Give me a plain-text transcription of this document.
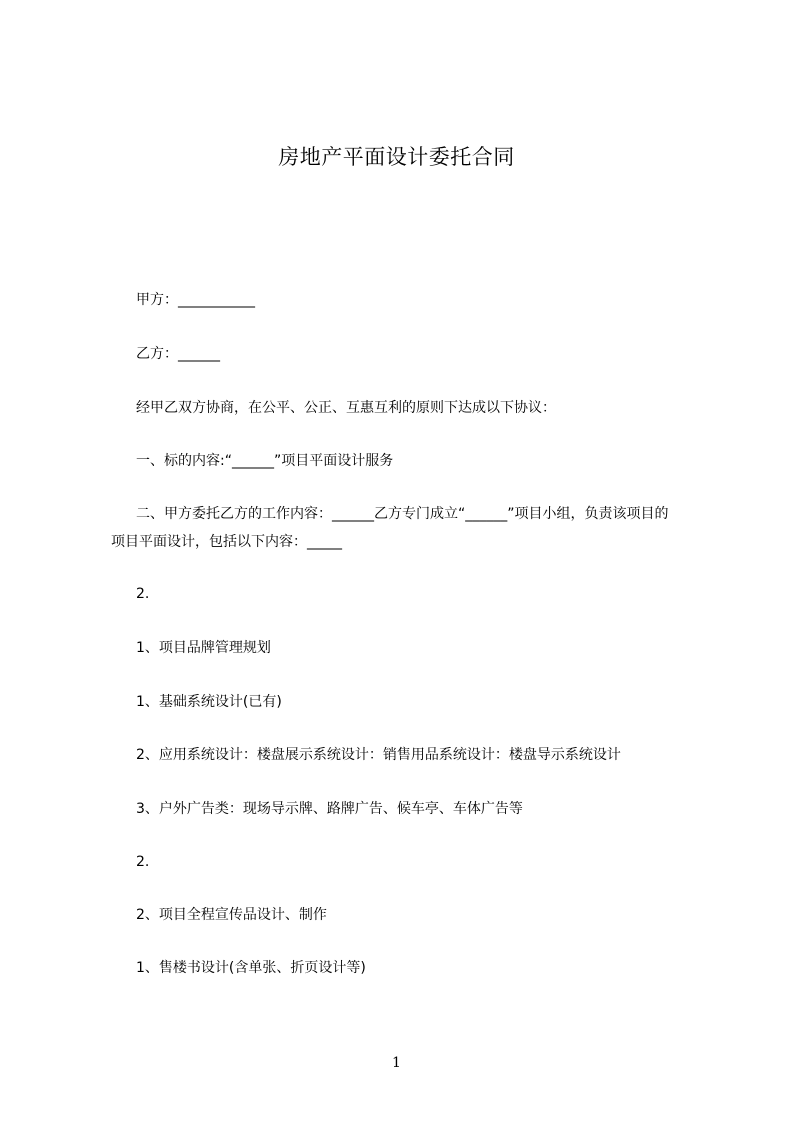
房地产平面设计委托合同
甲方：___________
乙方：______
经甲乙双方协商，在公平、公正、互惠互利的原则下达成以下协议：
一、标的内容:“______”项目平面设计服务
二、甲方委托乙方的工作内容：______乙方专门成立“______”项目小组，负责该项目的项目平面设计，包括以下内容：_____
2.
1、项目品牌管理规划
1、基础系统设计(已有)
2、应用系统设计：楼盘展示系统设计：销售用品系统设计：楼盘导示系统设计
3、户外广告类：现场导示牌、路牌广告、候车亭、车体广告等
2.
2、项目全程宣传品设计、制作
1、售楼书设计(含单张、折页设计等)
1
